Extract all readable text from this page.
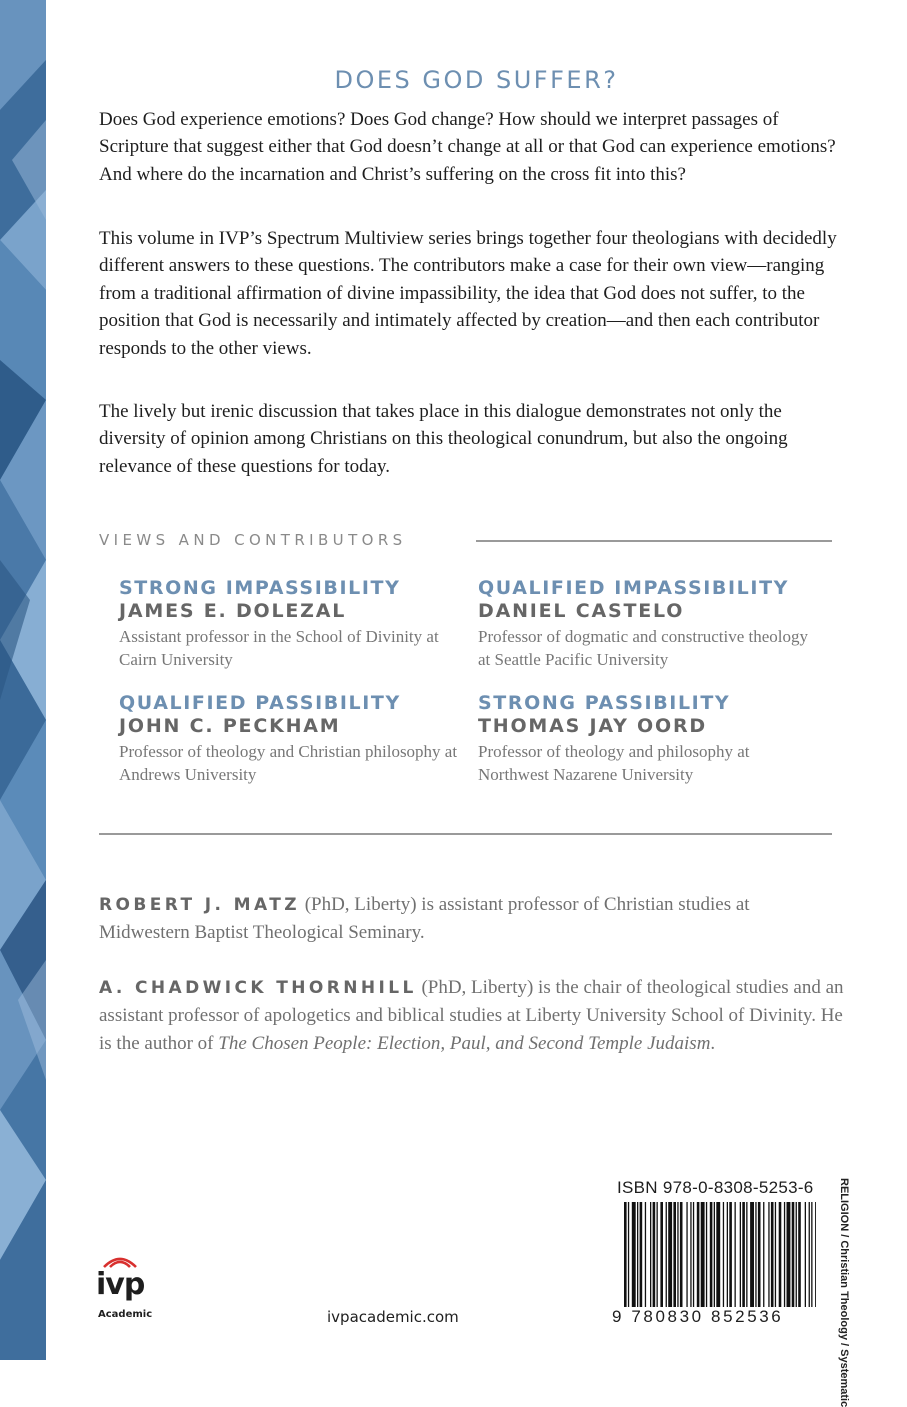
DOES GOD SUFFER?

Does God experience emotions? Does God change? How should we interpret passages of Scripture that suggest either that God doesn’t change at all or that God can experience emotions? And where do the incarnation and Christ’s suffering on the cross fit into this?

This volume in IVP’s Spectrum Multiview series brings together four theologians with decidedly different answers to these questions. The contributors make a case for their own view—ranging from a traditional affirmation of divine impassibility, the idea that God does not suffer, to the position that God is necessarily and intimately affected by creation—and then each contributor responds to the other views.

The lively but irenic discussion that takes place in this dialogue demonstrates not only the diversity of opinion among Christians on this theological conundrum, but also the ongoing relevance of these questions for today.

VIEWS AND CONTRIBUTORS
STRONG IMPASSIBILITY
JAMES E. DOLEZAL
Assistant professor in the School of Divinity at Cairn University
QUALIFIED IMPASSIBILITY
DANIEL CASTELO
Professor of dogmatic and constructive theology at Seattle Pacific University
QUALIFIED PASSIBILITY
JOHN C. PECKHAM
Professor of theology and Christian philosophy at Andrews University
STRONG PASSIBILITY
THOMAS JAY OORD
Professor of theology and philosophy at Northwest Nazarene University

ROBERT J. MATZ (PhD, Liberty) is assistant professor of Christian studies at Midwestern Baptist Theological Seminary.

A. CHADWICK THORNHILL (PhD, Liberty) is the chair of theological studies and an assistant professor of apologetics and biblical studies at Liberty University School of Divinity. He is the author of The Chosen People: Election, Paul, and Second Temple Judaism.

ISBN 978-0-8308-5253-6
9 780830 852536	RELIGION / Christian Theology / Systematic
ivp
Academic	ivpacademic.com
